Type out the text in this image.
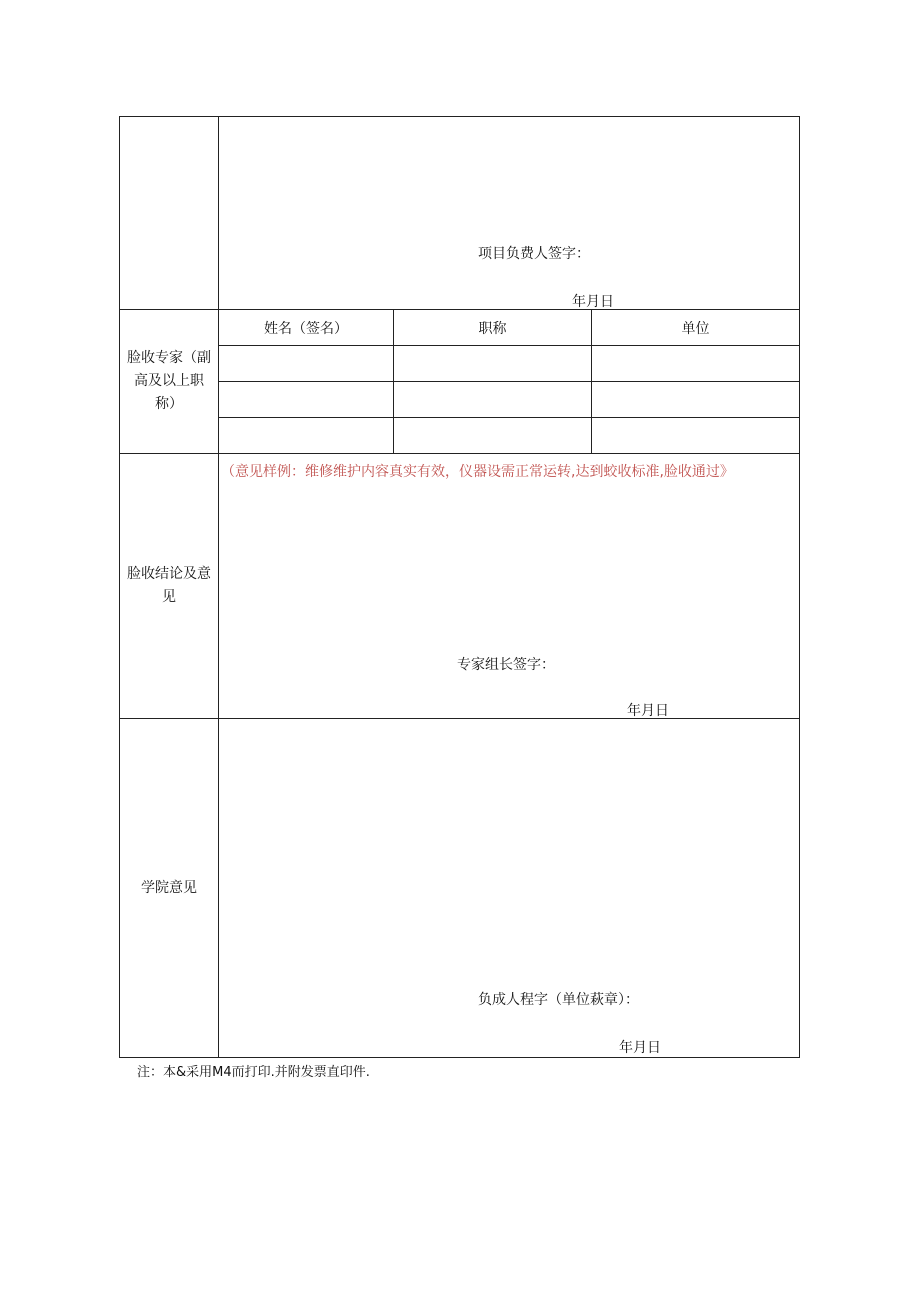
项目负费人签字：
年月日
脸收专家（副高及以上职称）
姓名（签名）	职称	单位
脸收结论及意见
（意见样例：维修维护内容真实有效，仪器设需正常运转,达到蛟收标准,脸收通过》
专家组长签字：
年月日
学院意见
负成人程字（单位萩章）：
年月日
注：本&采用M4而打印.并附发票直印件.
